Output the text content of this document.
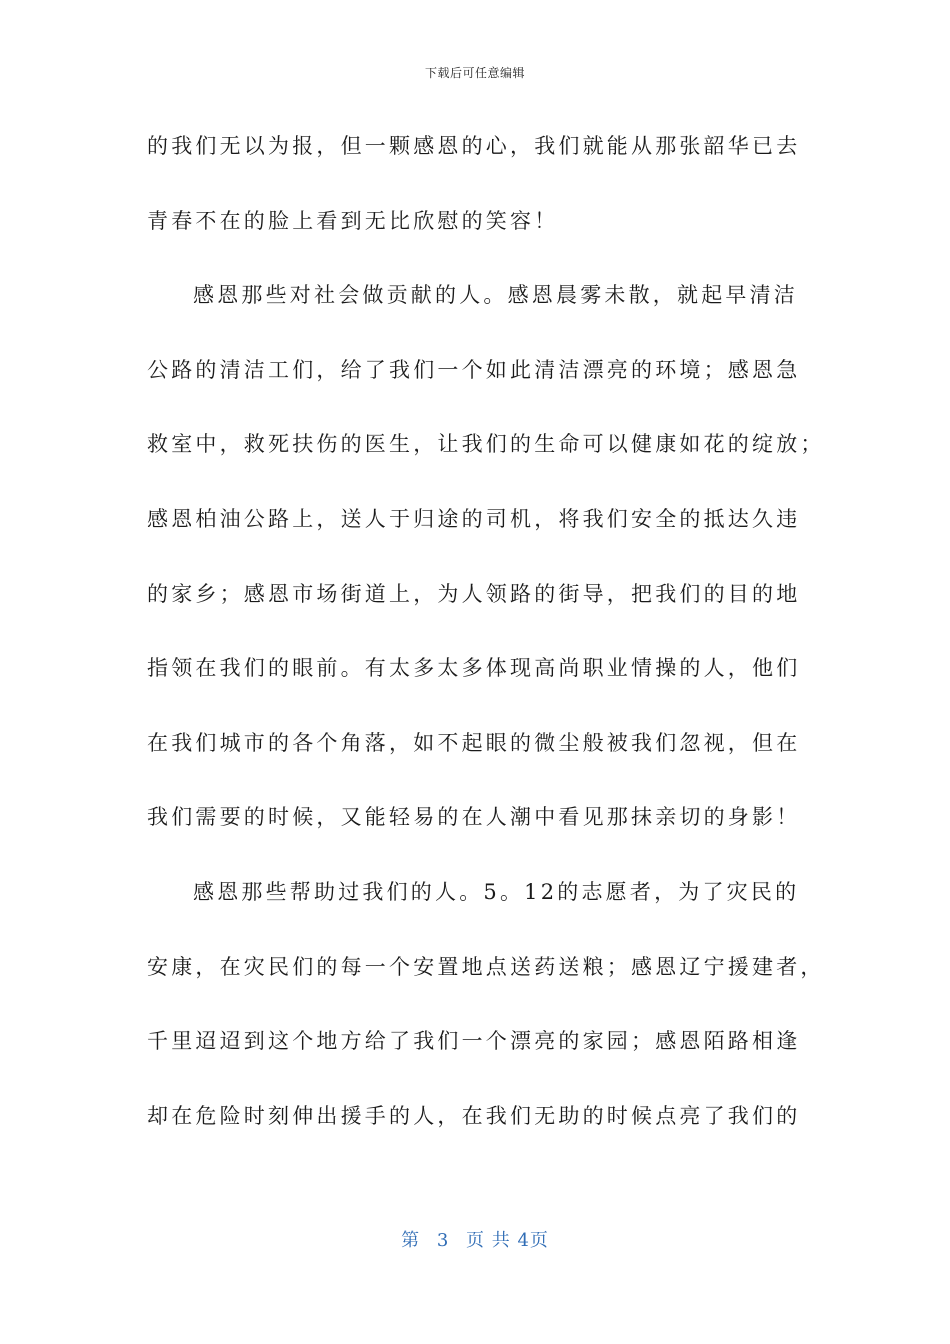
下载后可任意编辑
的我们无以为报，但一颗感恩的心，我们就能从那张韶华已去
青春不在的脸上看到无比欣慰的笑容！
感恩那些对社会做贡献的人。感恩晨雾未散，就起早清洁
公路的清洁工们，给了我们一个如此清洁漂亮的环境；感恩急
救室中，救死扶伤的医生，让我们的生命可以健康如花的绽放；
感恩柏油公路上，送人于归途的司机，将我们安全的抵达久违
的家乡；感恩市场街道上，为人领路的街导，把我们的目的地
指领在我们的眼前。有太多太多体现高尚职业情操的人，他们
在我们城市的各个角落，如不起眼的微尘般被我们忽视，但在
我们需要的时候，又能轻易的在人潮中看见那抹亲切的身影！
感恩那些帮助过我们的人。5。12的志愿者，为了灾民的
安康，在灾民们的每一个安置地点送药送粮；感恩辽宁援建者，
千里迢迢到这个地方给了我们一个漂亮的家园；感恩陌路相逢
却在危险时刻伸出援手的人，在我们无助的时候点亮了我们的
第 3 页 共 4页
